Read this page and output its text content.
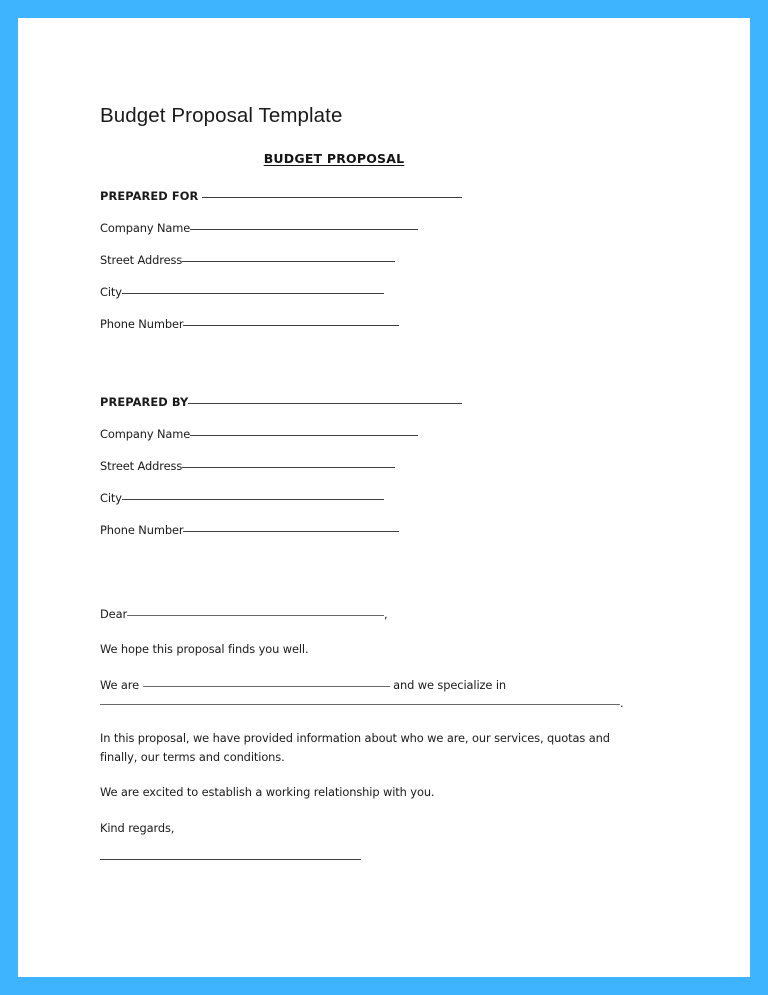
Budget Proposal Template
BUDGET PROPOSAL
PREPARED FOR
Company Name
Street Address
City
Phone Number
PREPARED BY
Company Name
Street Address
City
Phone Number
Dear	,
We hope this proposal finds you well.
We are	and we specialize in .
In this proposal, we have provided information about who we are, our services, quotas and finally, our terms and conditions.
We are excited to establish a working relationship with you.
Kind regards,
